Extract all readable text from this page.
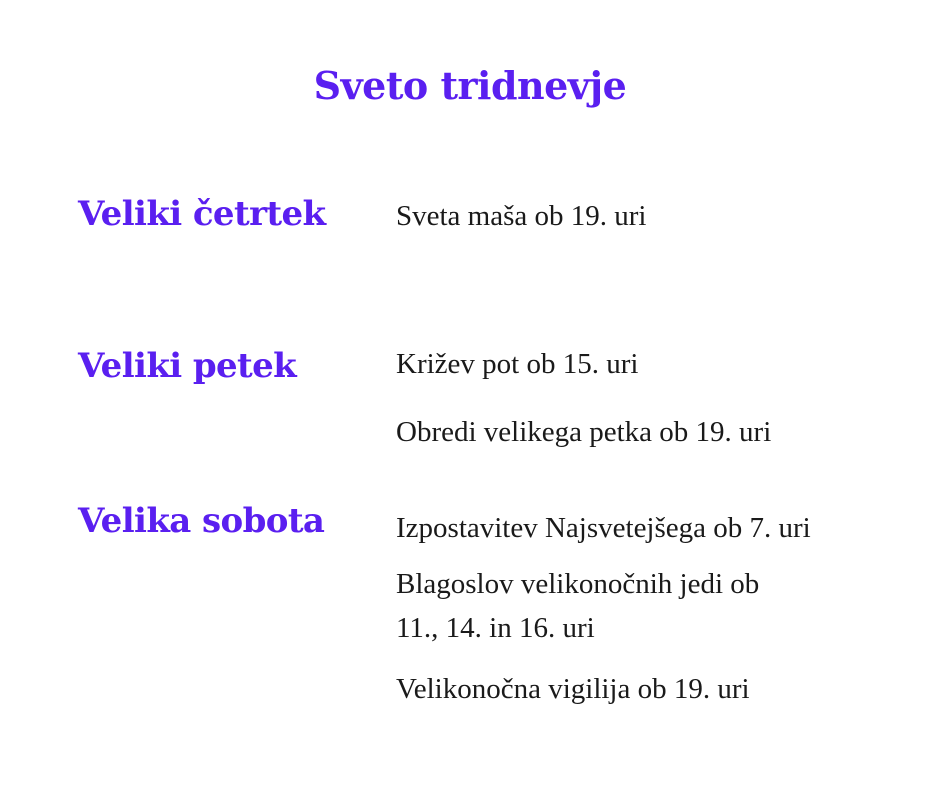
Sveto tridnevje
Veliki četrtek Sveta maša ob 19. uri
Veliki petek	Križev pot ob 15. uri
Obredi velikega petka ob 19. uri
Velika sobota Izpostavitev Najsvetejšega ob 7. uri
Blagoslov velikonočnih jedi ob
11., 14. in 16. uri
Velikonočna vigilija ob 19. uri
